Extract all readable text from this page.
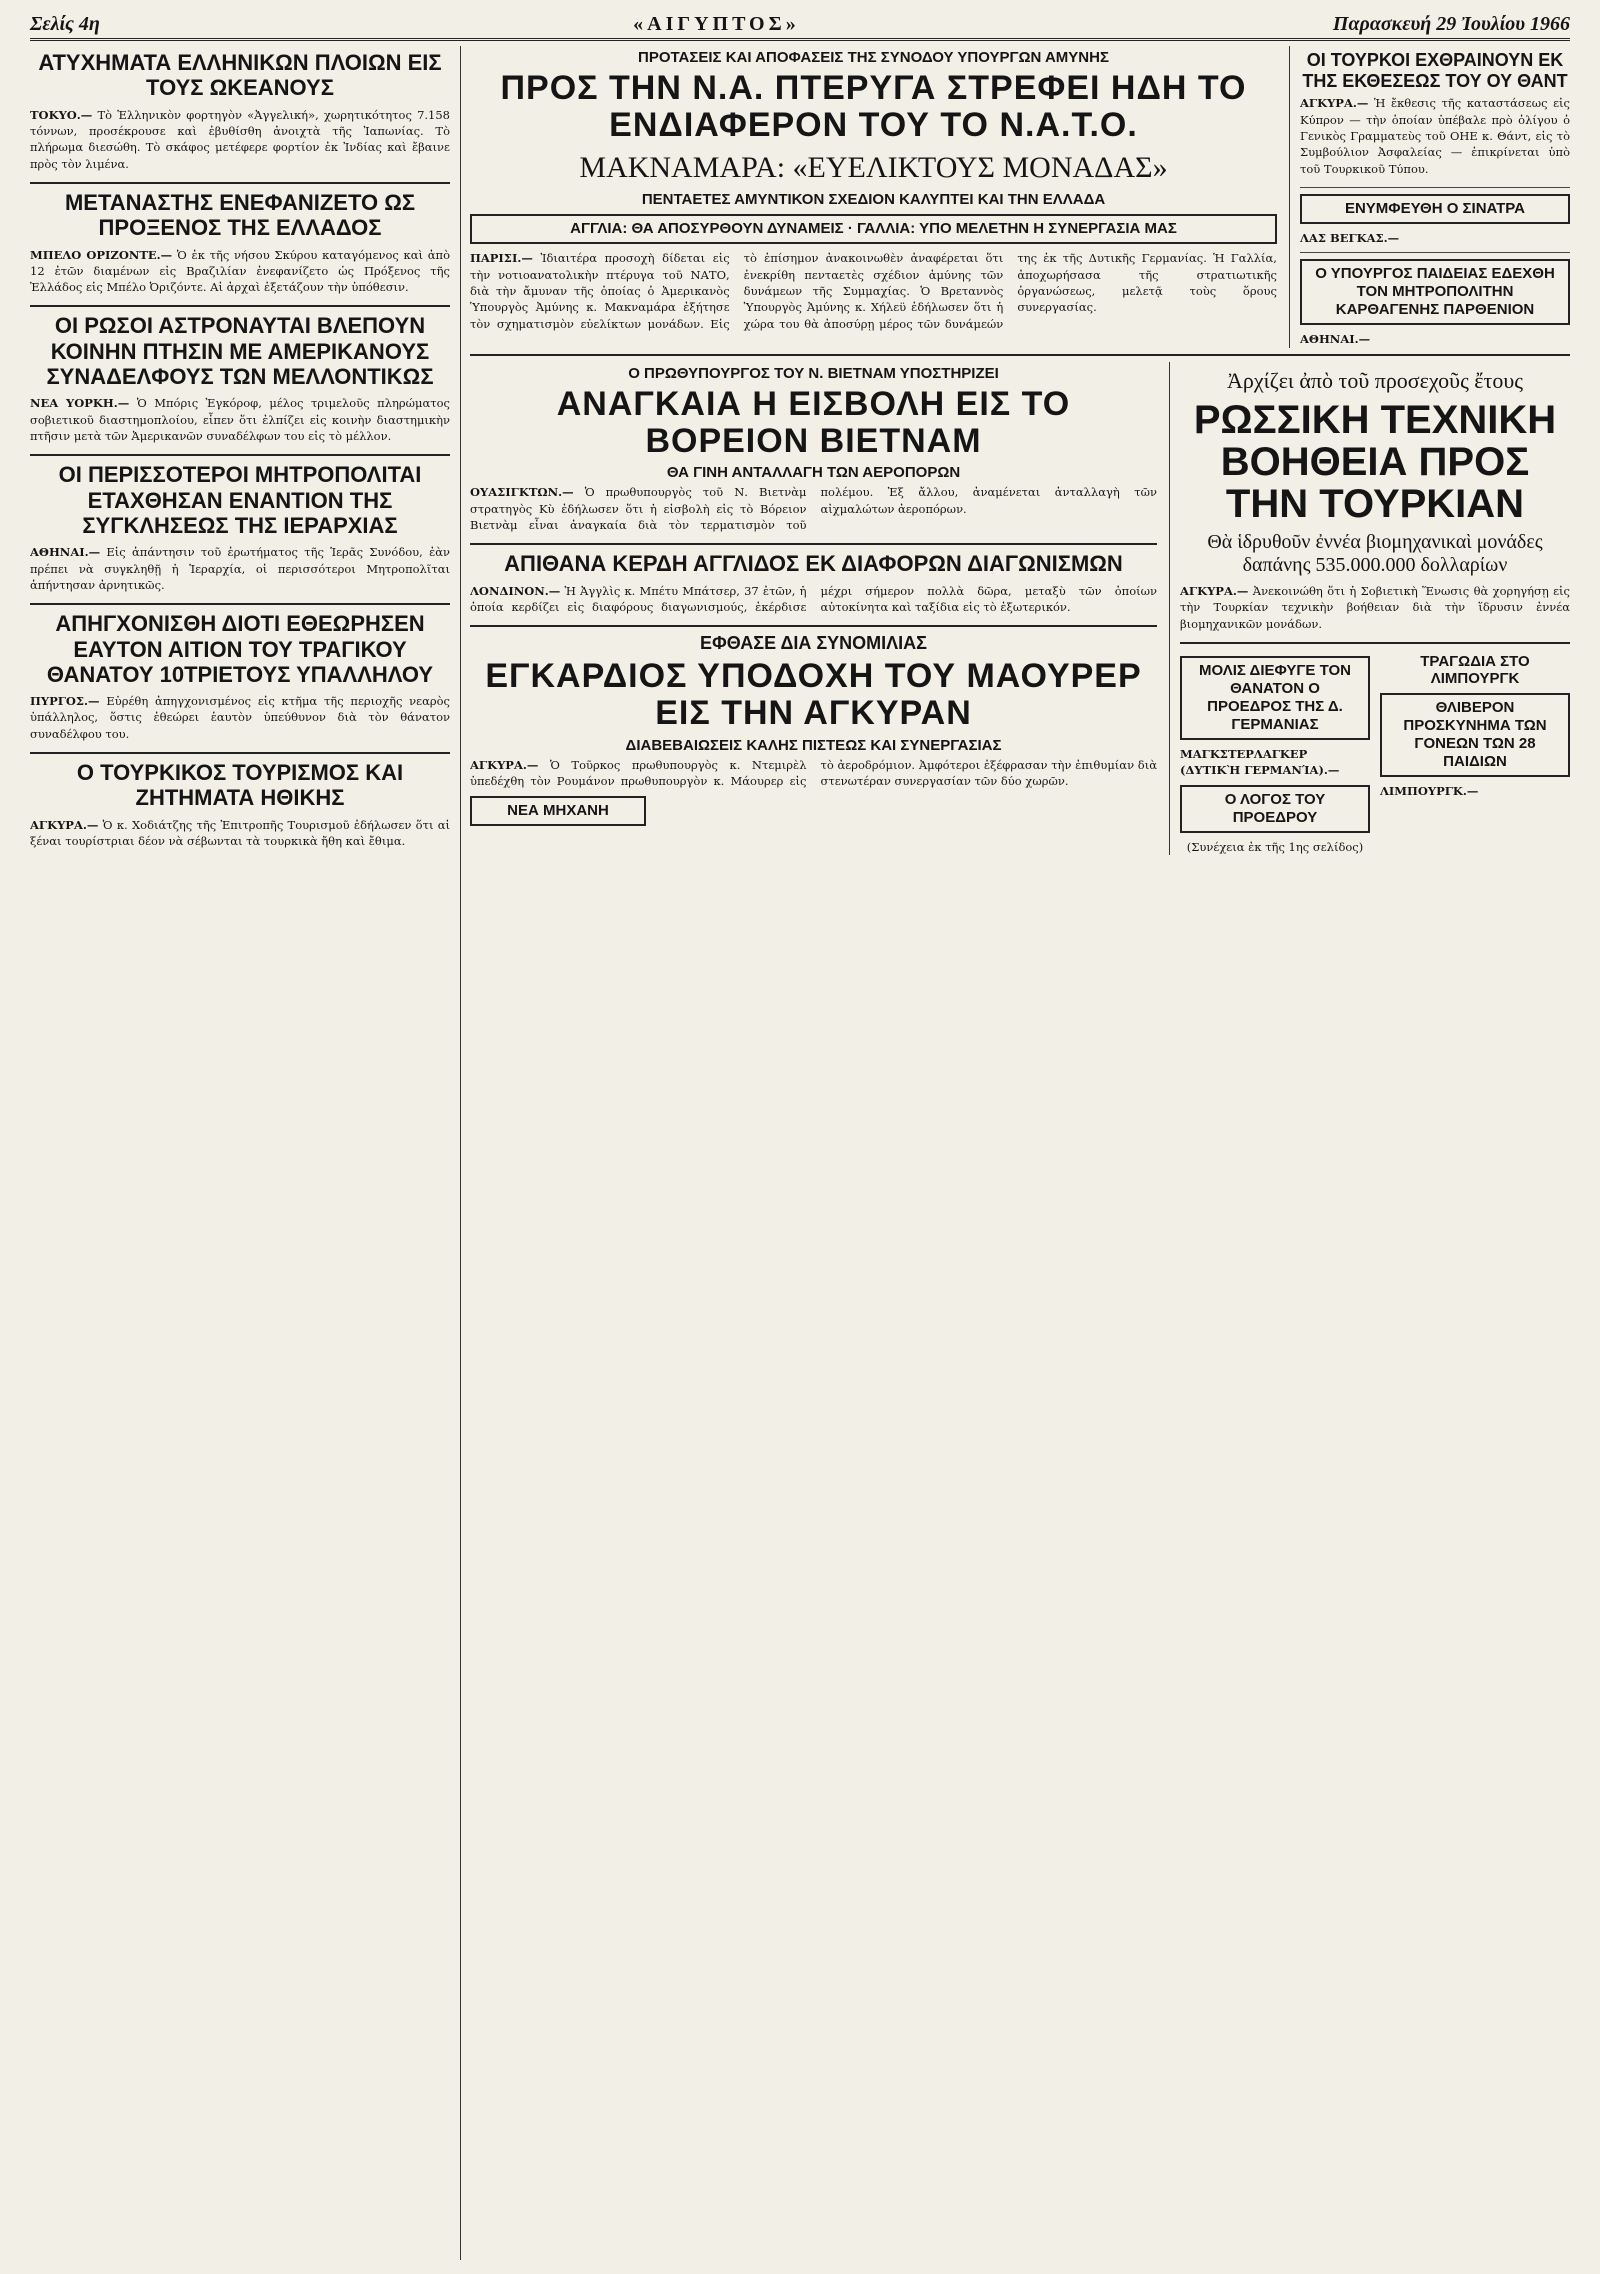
Σελίς 4η	«ΑΙΓΥΠΤΟΣ»	Παρασκευή 29 Ἰουλίου 1966
ΑΤΥΧΗΜΑΤΑ ΕΛΛΗΝΙΚΩΝ ΠΛΟΙΩΝ ΕΙΣ ΤΟΥΣ ΩΚΕΑΝΟΥΣ
ΤΟΚΥΟ.— Τὸ Ἑλληνικὸν φορτηγὸν «Ἀγγελική», χωρητικότητος 7.158 τόννων, προσέκρουσε καὶ ἐβυθίσθη ἀνοιχτὰ τῆς Ἰαπωνίας. Τὸ πλήρωμα διεσώθη. Τὸ σκάφος μετέφερε φορτίον ἐκ Ἰνδίας καὶ ἔβαινε πρὸς τὸν λιμένα.
ΜΕΤΑΝΑΣΤΗΣ ΕΝΕΦΑΝΙΖΕΤΟ ΩΣ ΠΡΟΞΕΝΟΣ ΤΗΣ ΕΛΛΑΔΟΣ
ΜΠΕΛΟ ΟΡΙΖΟΝΤΕ.— Ὁ ἐκ τῆς νήσου Σκύρου καταγόμενος καὶ ἀπὸ 12 ἐτῶν διαμένων εἰς Βραζιλίαν ἐνεφανίζετο ὡς Πρόξενος τῆς Ἑλλάδος εἰς Μπέλο Ὀριζόντε. Αἱ ἀρχαὶ ἐξετάζουν τὴν ὑπόθεσιν.
ΟΙ ΡΩΣΟΙ ΑΣΤΡΟΝΑΥΤΑΙ ΒΛΕΠΟΥΝ ΚΟΙΝΗΝ ΠΤΗΣΙΝ ΜΕ ΑΜΕΡΙΚΑΝΟΥΣ ΣΥΝΑΔΕΛΦΟΥΣ ΤΩΝ ΜΕΛΛΟΝΤΙΚΩΣ
ΝΕΑ ΥΟΡΚΗ.— Ὁ Μπόρις Ἐγκόροφ, μέλος τριμελοῦς πληρώματος σοβιετικοῦ διαστημοπλοίου, εἶπεν ὅτι ἐλπίζει εἰς κοινὴν διαστημικὴν πτῆσιν μετὰ τῶν Ἀμερικανῶν συναδέλφων του εἰς τὸ μέλλον.
ΟΙ ΠΕΡΙΣΣΟΤΕΡΟΙ ΜΗΤΡΟΠΟΛΙΤΑΙ ΕΤΑΧΘΗΣΑΝ ΕΝΑΝΤΙΟΝ ΤΗΣ ΣΥΓΚΛΗΣΕΩΣ ΤΗΣ ΙΕΡΑΡΧΙΑΣ
ΑΘΗΝΑΙ.— Εἰς ἀπάντησιν τοῦ ἐρωτήματος τῆς Ἱερᾶς Συνόδου, ἐὰν πρέπει νὰ συγκληθῇ ἡ Ἱεραρχία, οἱ περισσότεροι Μητροπολῖται ἀπήντησαν ἀρνητικῶς.
ΑΠΗΓΧΟΝΙΣΘΗ ΔΙΟΤΙ ΕΘΕΩΡΗΣΕΝ ΕΑΥΤΟΝ ΑΙΤΙΟΝ ΤΟΥ ΤΡΑΓΙΚΟΥ ΘΑΝΑΤΟΥ 10ΤΡΙΕΤΟΥΣ ΥΠΑΛΛΗΛΟΥ
ΠΥΡΓΟΣ.— Εὑρέθη ἀπηγχονισμένος εἰς κτῆμα τῆς περιοχῆς νεαρὸς ὑπάλληλος, ὅστις ἐθεώρει ἑαυτὸν ὑπεύθυνον διὰ τὸν θάνατον συναδέλφου του.
Ο ΤΟΥΡΚΙΚΟΣ ΤΟΥΡΙΣΜΟΣ ΚΑΙ ΖΗΤΗΜΑΤΑ ΗΘΙΚΗΣ
ΑΓΚΥΡΑ.— Ὁ κ. Χοδιάτζης τῆς Ἐπιτροπῆς Τουρισμοῦ ἐδήλωσεν ὅτι αἱ ξέναι τουρίστριαι δέον νὰ σέβωνται τὰ τουρκικὰ ἤθη καὶ ἔθιμα.
ΠΡΟΤΑΣΕΙΣ ΚΑΙ ΑΠΟΦΑΣΕΙΣ ΤΗΣ ΣΥΝΟΔΟΥ ΥΠΟΥΡΓΩΝ ΑΜΥΝΗΣ
ΠΡΟΣ ΤΗΝ Ν.Α. ΠΤΕΡΥΓΑ ΣΤΡΕΦΕΙ ΗΔΗ ΤΟ ΕΝΔΙΑΦΕΡΟΝ ΤΟΥ ΤΟ Ν.Α.Τ.Ο.
ΜΑΚΝΑΜΑΡΑ: «ΕΥΕΛΙΚΤΟΥΣ ΜΟΝΑΔΑΣ»
ΠΕΝΤΑΕΤΕΣ ΑΜΥΝΤΙΚΟΝ ΣΧΕΔΙΟΝ ΚΑΛΥΠΤΕΙ ΚΑΙ ΤΗΝ ΕΛΛΑΔΑ
ΑΓΓΛΙΑ: ΘΑ ΑΠΟΣΥΡΘΟΥΝ ΔΥΝΑΜΕΙΣ · ΓΑΛΛΙΑ: ΥΠΟ ΜΕΛΕΤΗΝ Η ΣΥΝΕΡΓΑΣΙΑ ΜΑΣ
ΠΑΡΙΣΙ.— Ἰδιαιτέρα προσοχὴ δίδεται εἰς τὴν νοτιοανατολικὴν πτέρυγα τοῦ ΝΑΤΟ, διὰ τὴν ἄμυναν τῆς ὁποίας ὁ Ἀμερικανὸς Ὑπουργὸς Ἀμύνης κ. Μακναμάρα ἐξήτησε τὸν σχηματισμὸν εὐελίκτων μονάδων. Εἰς τὸ ἐπίσημον ἀνακοινωθὲν ἀναφέρεται ὅτι ἐνεκρίθη πενταετὲς σχέδιον ἀμύνης τῶν δυνάμεων τῆς Συμμαχίας. Ὁ Βρεταννὸς Ὑπουργὸς Ἀμύνης κ. Χήλεϋ ἐδήλωσεν ὅτι ἡ χώρα του θὰ ἀποσύρῃ μέρος τῶν δυνάμεών της ἐκ τῆς Δυτικῆς Γερμανίας. Ἡ Γαλλία, ἀποχωρήσασα τῆς στρατιωτικῆς ὀργανώσεως, μελετᾷ τοὺς ὅρους συνεργασίας.
ΟΙ ΤΟΥΡΚΟΙ ΕΧΘΡΑΙΝΟΥΝ ΕΚ ΤΗΣ ΕΚΘΕΣΕΩΣ ΤΟΥ ΟΥ ΘΑΝΤ
ΑΓΚΥΡΑ.— Ἡ ἔκθεσις τῆς καταστάσεως εἰς Κύπρον — τὴν ὁποίαν ὑπέβαλε πρὸ ὀλίγου ὁ Γενικὸς Γραμματεὺς τοῦ ΟΗΕ κ. Θάντ, εἰς τὸ Συμβούλιον Ἀσφαλείας — ἐπικρίνεται ὑπὸ τοῦ Τουρκικοῦ Τύπου.
ΕΝΥΜΦΕΥΘΗ Ο ΣΙΝΑΤΡΑ
ΛΑΣ ΒΕΓΚΑΣ.—
Ο ΥΠΟΥΡΓΟΣ ΠΑΙΔΕΙΑΣ ΕΔΕΧΘΗ ΤΟΝ ΜΗΤΡΟΠΟΛΙΤΗΝ ΚΑΡΘΑΓΕΝΗΣ ΠΑΡΘΕΝΙΟΝ
ΑΘΗΝΑΙ.—
Ο ΠΡΩΘΥΠΟΥΡΓΟΣ ΤΟΥ Ν. ΒΙΕΤΝΑΜ ΥΠΟΣΤΗΡΙΖΕΙ
ΑΝΑΓΚΑΙΑ Η ΕΙΣΒΟΛΗ ΕΙΣ ΤΟ ΒΟΡΕΙΟΝ ΒΙΕΤΝΑΜ
ΘΑ ΓΙΝΗ ΑΝΤΑΛΛΑΓΗ ΤΩΝ ΑΕΡΟΠΟΡΩΝ
ΟΥΑΣΙΓΚΤΩΝ.— Ὁ πρωθυπουργὸς τοῦ Ν. Βιετνὰμ στρατηγὸς Κὺ ἐδήλωσεν ὅτι ἡ εἰσβολὴ εἰς τὸ Βόρειον Βιετνὰμ εἶναι ἀναγκαία διὰ τὸν τερματισμὸν τοῦ πολέμου. Ἐξ ἄλλου, ἀναμένεται ἀνταλλαγὴ τῶν αἰχμαλώτων ἀεροπόρων.
ΑΠΙΘΑΝΑ ΚΕΡΔΗ ΑΓΓΛΙΔΟΣ ΕΚ ΔΙΑΦΟΡΩΝ ΔΙΑΓΩΝΙΣΜΩΝ
ΛΟΝΔΙΝΟΝ.— Ἡ Ἀγγλὶς κ. Μπέτυ Μπάτσερ, 37 ἐτῶν, ἡ ὁποία κερδίζει εἰς διαφόρους διαγωνισμούς, ἐκέρδισε μέχρι σήμερον πολλὰ δῶρα, μεταξὺ τῶν ὁποίων αὐτοκίνητα καὶ ταξίδια εἰς τὸ ἐξωτερικόν.
ΕΦΘΑΣΕ ΔΙΑ ΣΥΝΟΜΙΛΙΑΣ
ΕΓΚΑΡΔΙΟΣ ΥΠΟΔΟΧΗ ΤΟΥ ΜΑΟΥΡΕΡ ΕΙΣ ΤΗΝ ΑΓΚΥΡΑΝ
ΔΙΑΒΕΒΑΙΩΣΕΙΣ ΚΑΛΗΣ ΠΙΣΤΕΩΣ ΚΑΙ ΣΥΝΕΡΓΑΣΙΑΣ
ΑΓΚΥΡΑ.— Ὁ Τοῦρκος πρωθυπουργὸς κ. Ντεμιρὲλ ὑπεδέχθη τὸν Ρουμάνον πρωθυπουργὸν κ. Μάουρερ εἰς τὸ ἀεροδρόμιον. Ἀμφότεροι ἐξέφρασαν τὴν ἐπιθυμίαν διὰ στενωτέραν συνεργασίαν τῶν δύο χωρῶν.
ΝΕΑ ΜΗΧΑΝΗ
Ἀρχίζει ἀπὸ τοῦ προσεχοῦς ἔτους
ΡΩΣΣΙΚΗ ΤΕΧΝΙΚΗ ΒΟΗΘΕΙΑ ΠΡΟΣ ΤΗΝ ΤΟΥΡΚΙΑΝ
Θὰ ἱδρυθοῦν ἐννέα βιομηχανικαὶ μονάδες δαπάνης 535.000.000 δολλαρίων
ΑΓΚΥΡΑ.— Ἀνεκοινώθη ὅτι ἡ Σοβιετικὴ Ἕνωσις θὰ χορηγήσῃ εἰς τὴν Τουρκίαν τεχνικὴν βοήθειαν διὰ τὴν ἵδρυσιν ἐννέα βιομηχανικῶν μονάδων.
ΜΟΛΙΣ ΔΙΕΦΥΓΕ ΤΟΝ ΘΑΝΑΤΟΝ Ο ΠΡΟΕΔΡΟΣ ΤΗΣ Δ. ΓΕΡΜΑΝΙΑΣ
ΜΑΓΚΣΤΕΡΛΑΓΚΕΡ (ΔΥΤΙΚῊ ΓΕΡΜΑΝΊΑ).—
Ο ΛΟΓΟΣ ΤΟΥ ΠΡΟΕΔΡΟΥ
(Συνέχεια ἐκ τῆς 1ης σελίδος)
ΤΡΑΓΩΔΙΑ ΣΤΟ ΛΙΜΠΟΥΡΓΚ
ΘΛΙΒΕΡΟΝ ΠΡΟΣΚΥΝΗΜΑ ΤΩΝ ΓΟΝΕΩΝ ΤΩΝ 28 ΠΑΙΔΙΩΝ
ΛΙΜΠΟΥΡΓΚ.—
